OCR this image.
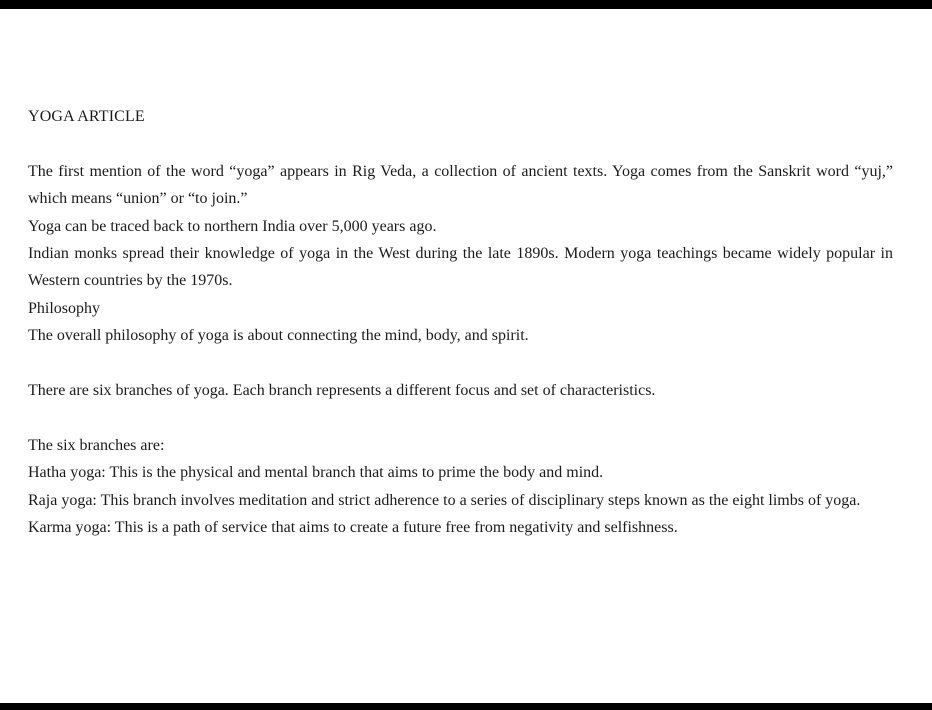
YOGA ARTICLE

The first mention of the word “yoga” appears in Rig Veda, a collection of ancient texts. Yoga comes from the Sanskrit word “yuj,” which means “union” or “to join.”

Yoga can be traced back to northern India over 5,000 years ago.

Indian monks spread their knowledge of yoga in the West during the late 1890s. Modern yoga teachings became widely popular in Western countries by the 1970s.

Philosophy

The overall philosophy of yoga is about connecting the mind, body, and spirit.

There are six branches of yoga. Each branch represents a different focus and set of characteristics.

The six branches are:

Hatha yoga: This is the physical and mental branch that aims to prime the body and mind.

Raja yoga: This branch involves meditation and strict adherence to a series of disciplinary steps known as the eight limbs of yoga.

Karma yoga: This is a path of service that aims to create a future free from negativity and selfishness.
